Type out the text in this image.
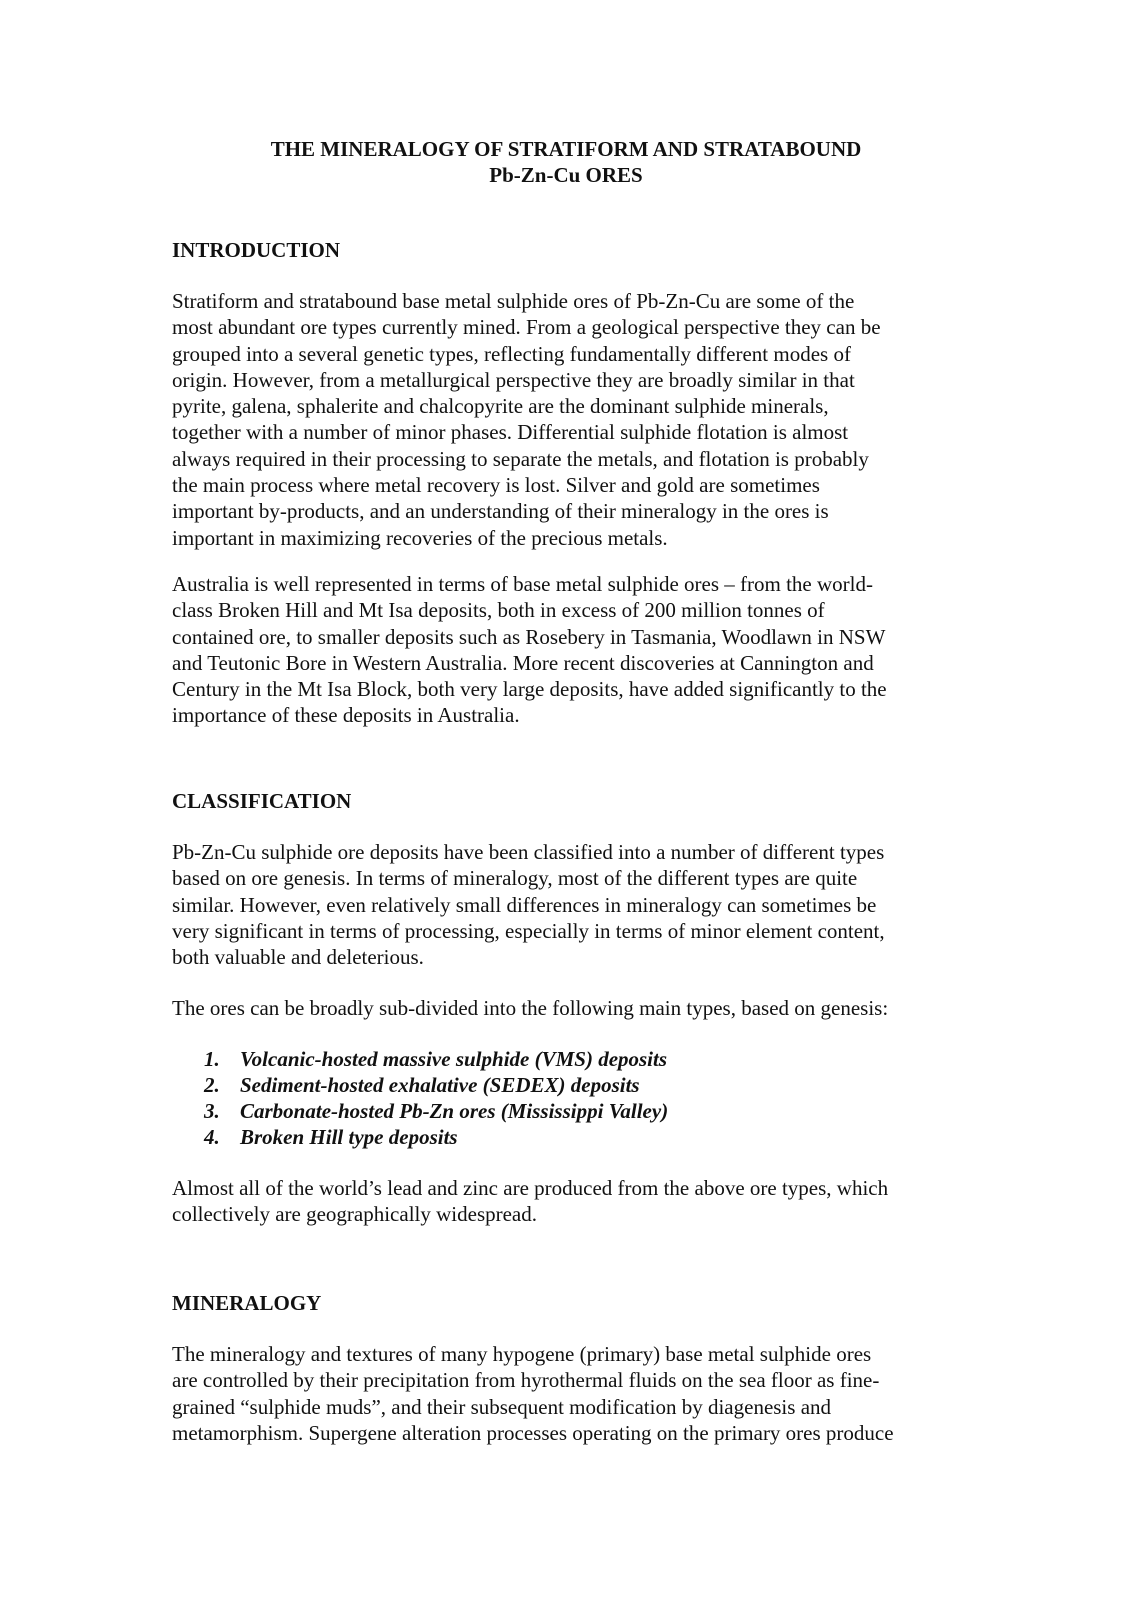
THE MINERALOGY OF STRATIFORM AND STRATABOUND
Pb-Zn-Cu ORES
INTRODUCTION

Stratiform and stratabound base metal sulphide ores of Pb-Zn-Cu are some of the
most abundant ore types currently mined. From a geological perspective they can be
grouped into a several genetic types, reflecting fundamentally different modes of
origin. However, from a metallurgical perspective they are broadly similar in that
pyrite, galena, sphalerite and chalcopyrite are the dominant sulphide minerals,
together with a number of minor phases. Differential sulphide flotation is almost
always required in their processing to separate the metals, and flotation is probably
the main process where metal recovery is lost. Silver and gold are sometimes
important by-products, and an understanding of their mineralogy in the ores is
important in maximizing recoveries of the precious metals.

Australia is well represented in terms of base metal sulphide ores – from the world-
class Broken Hill and Mt Isa deposits, both in excess of 200 million tonnes of
contained ore, to smaller deposits such as Rosebery in Tasmania, Woodlawn in NSW
and Teutonic Bore in Western Australia. More recent discoveries at Cannington and
Century in the Mt Isa Block, both very large deposits, have added significantly to the
importance of these deposits in Australia.

CLASSIFICATION

Pb-Zn-Cu sulphide ore deposits have been classified into a number of different types
based on ore genesis. In terms of mineralogy, most of the different types are quite
similar. However, even relatively small differences in mineralogy can sometimes be
very significant in terms of processing, especially in terms of minor element content,
both valuable and deleterious.

The ores can be broadly sub-divided into the following main types, based on genesis:

1. Volcanic-hosted massive sulphide (VMS) deposits
2. Sediment-hosted exhalative (SEDEX) deposits
3. Carbonate-hosted Pb-Zn ores (Mississippi Valley)
4. Broken Hill type deposits

Almost all of the world’s lead and zinc are produced from the above ore types, which
collectively are geographically widespread.

MINERALOGY

The mineralogy and textures of many hypogene (primary) base metal sulphide ores
are controlled by their precipitation from hyrothermal fluids on the sea floor as fine-
grained “sulphide muds”, and their subsequent modification by diagenesis and
metamorphism. Supergene alteration processes operating on the primary ores produce
